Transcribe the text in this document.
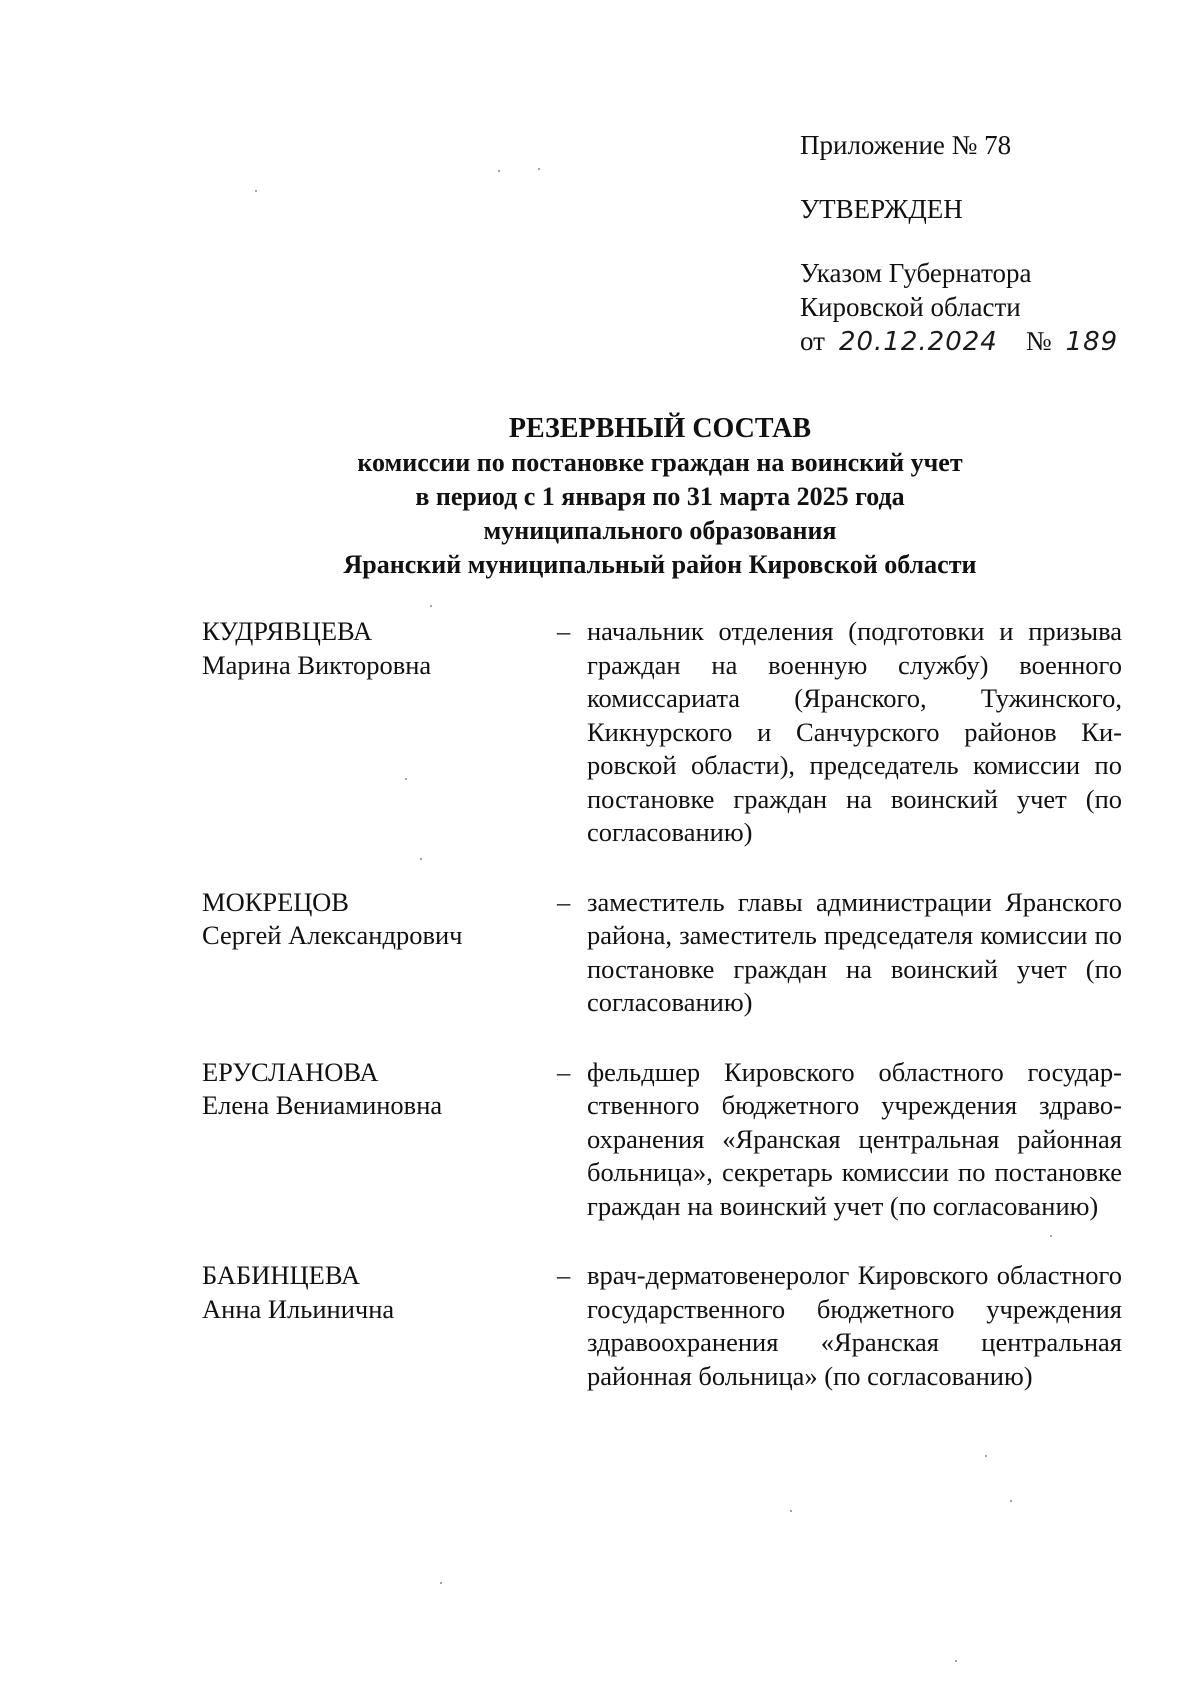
Приложение № 78
УТВЕРЖДЕН
Указом Губернатора
Кировской области
от 20.12.2024 № 189
РЕЗЕРВНЫЙ СОСТАВ
комиссии по постановке граждан на воинский учет
в период с 1 января по 31 марта 2025 года
муниципального образования
Яранский муниципальный район Кировской области
КУДРЯВЦЕВА
Марина Викторовна
– начальник отделения (подготовки и призыва граждан на военную службу) военного комиссариата (Яранского, Тужинского, Кикнурского и Санчурского районов Кировской области), председатель комиссии по постановке граждан на воинский учет (по согласованию)
МОКРЕЦОВ
Сергей Александрович
– заместитель главы администрации Яранского района, заместитель председателя комиссии по постановке граждан на воинский учет (по согласованию)
ЕРУСЛАНОВА
Елена Вениаминовна
– фельдшер Кировского областного государственного бюджетного учреждения здравоохранения «Яранская центральная районная больница», секретарь комиссии по постановке граждан на воинский учет (по согласованию)
БАБИНЦЕВА
Анна Ильинична
– врач-дерматовенеролог Кировского областного государственного бюджетного учреждения здравоохранения «Яранская центральная районная больница» (по согласованию)
